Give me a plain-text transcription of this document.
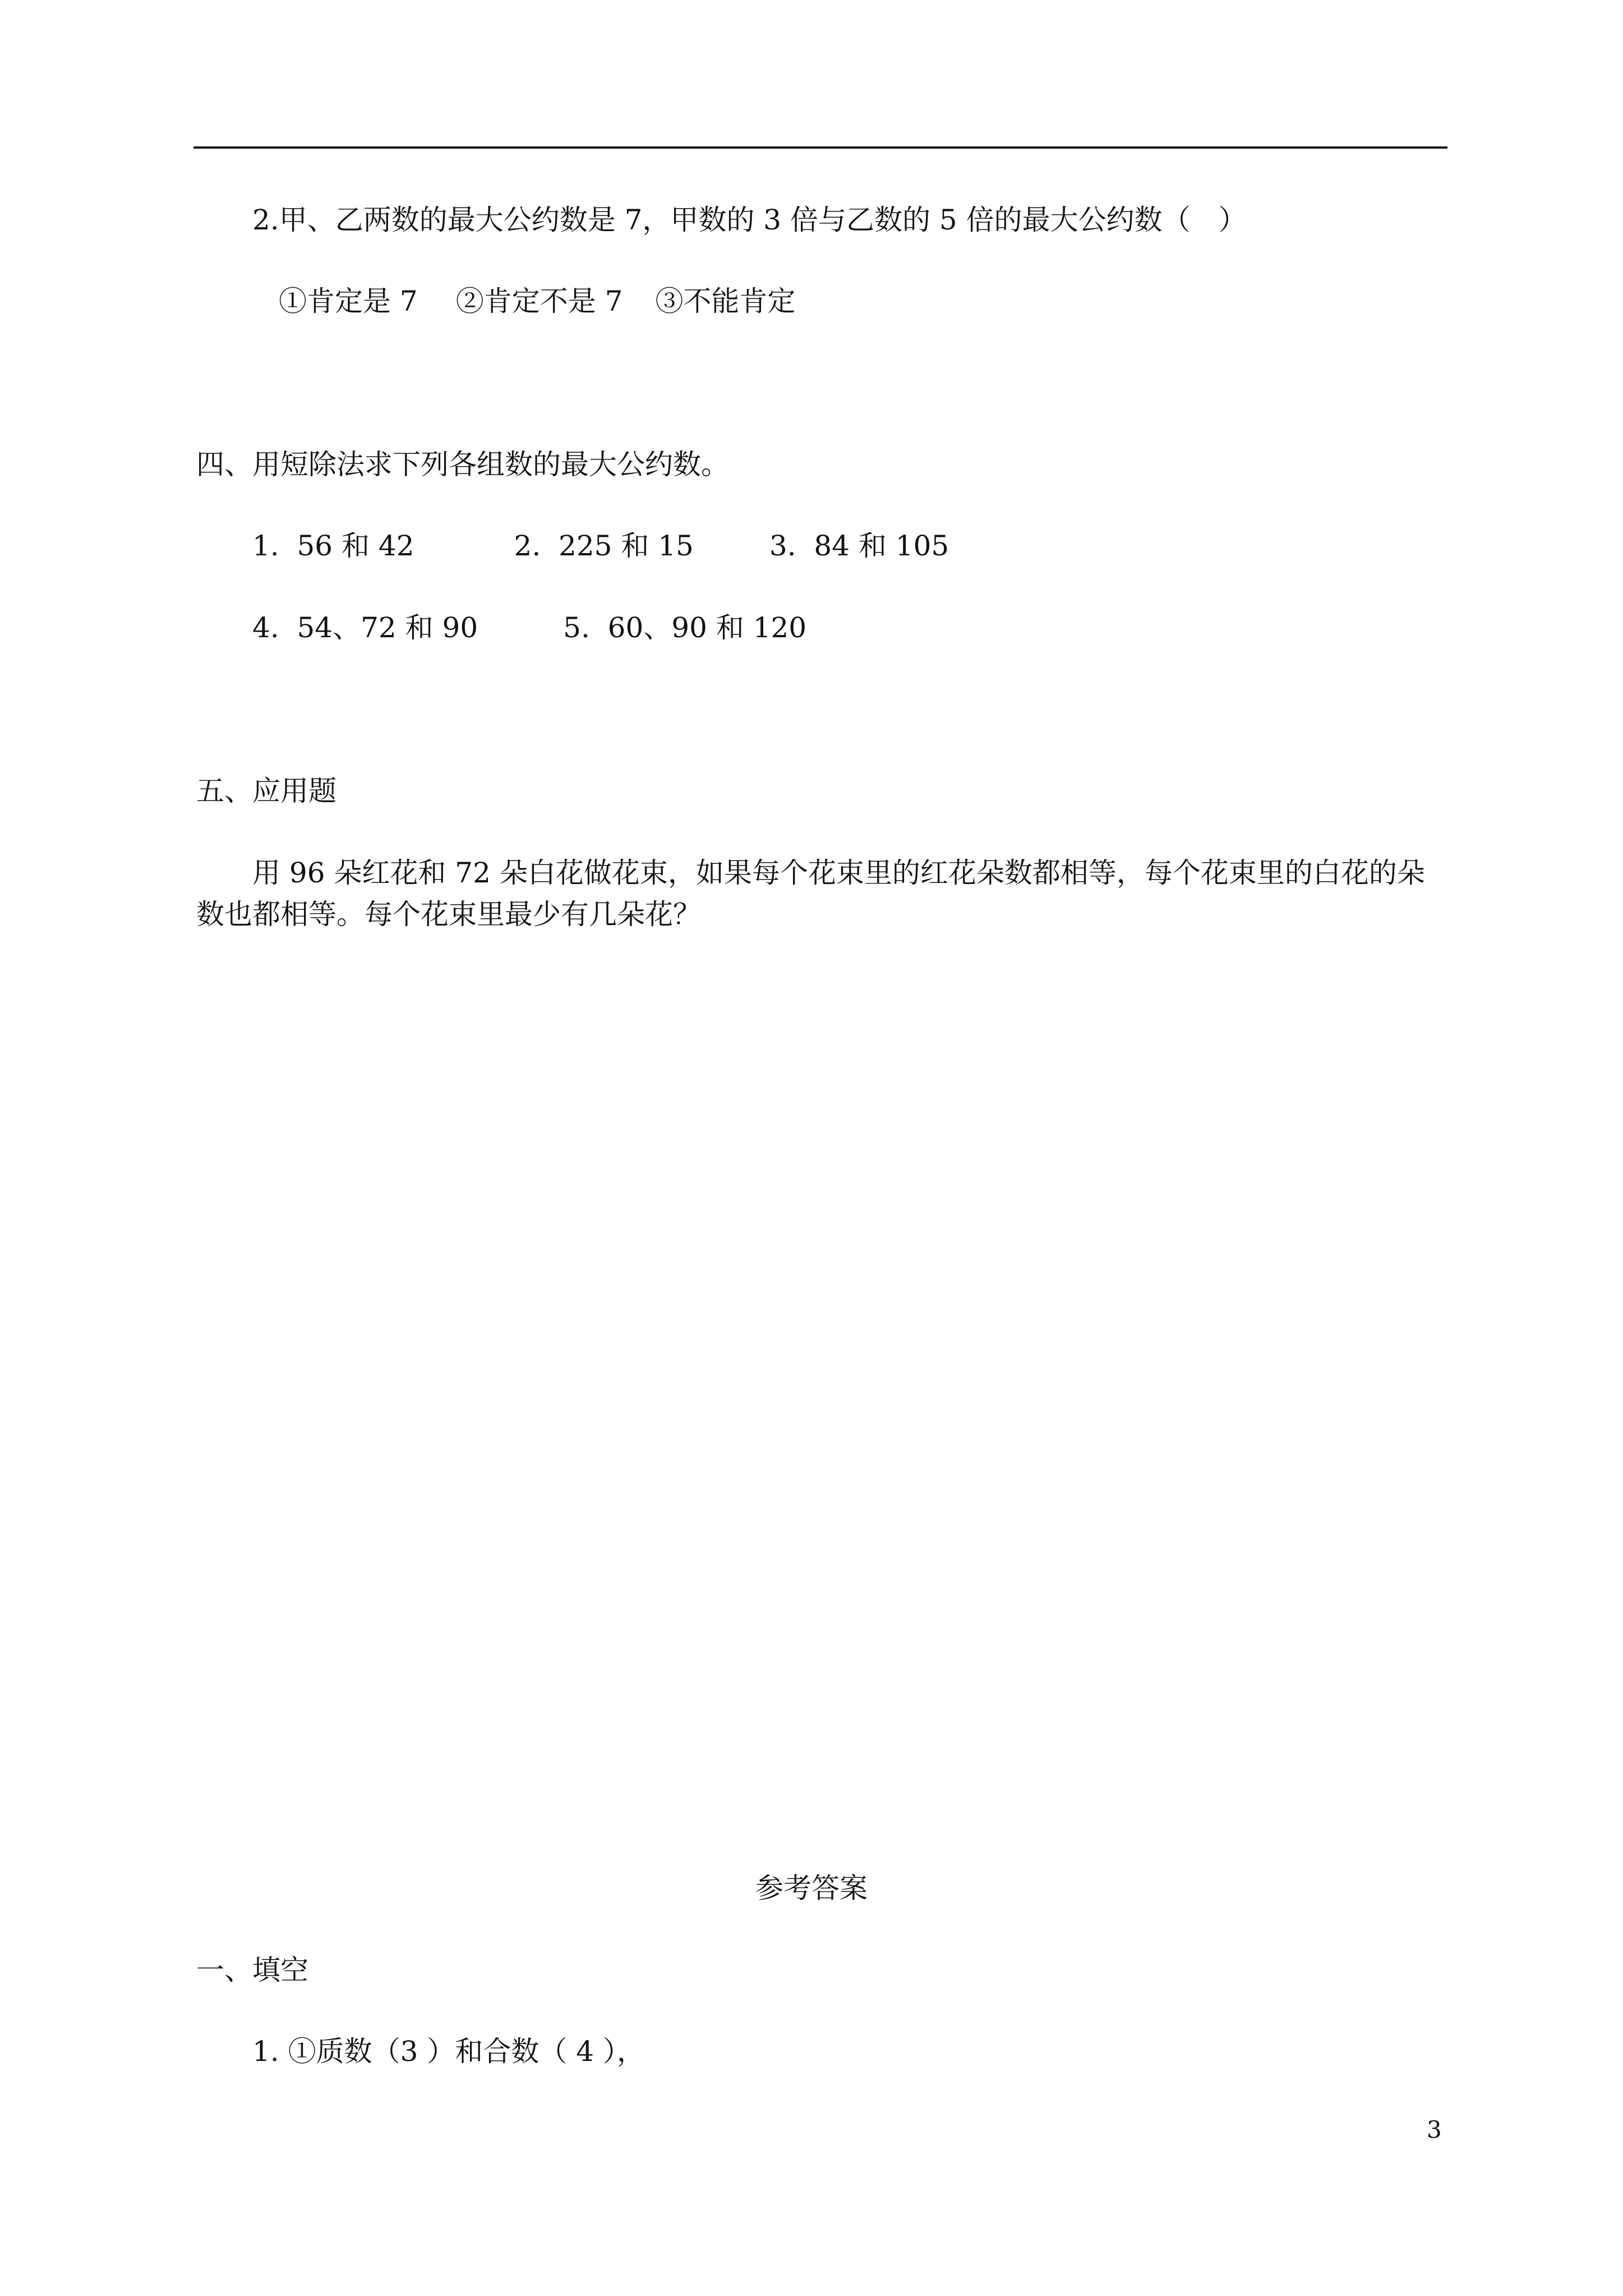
2.甲、乙两数的最大公约数是 7，甲数的 3 倍与乙数的 5 倍的最大公约数（　）
①肯定是 7 ②肯定不是 7 ③不能肯定
四、用短除法求下列各组数的最大公约数。
1.  56 和 42	2.  225 和 15	3.  84 和 105
4.  54、72 和 90	5.  60、90 和 120
五、应用题
用 96 朵红花和 72 朵白花做花束，如果每个花束里的红花朵数都相等，每个花束里的白花的朵
数也都相等。每个花束里最少有几朵花？
参考答案
一、填空
1. ①质数（3 ）和合数（ 4 ），
3
